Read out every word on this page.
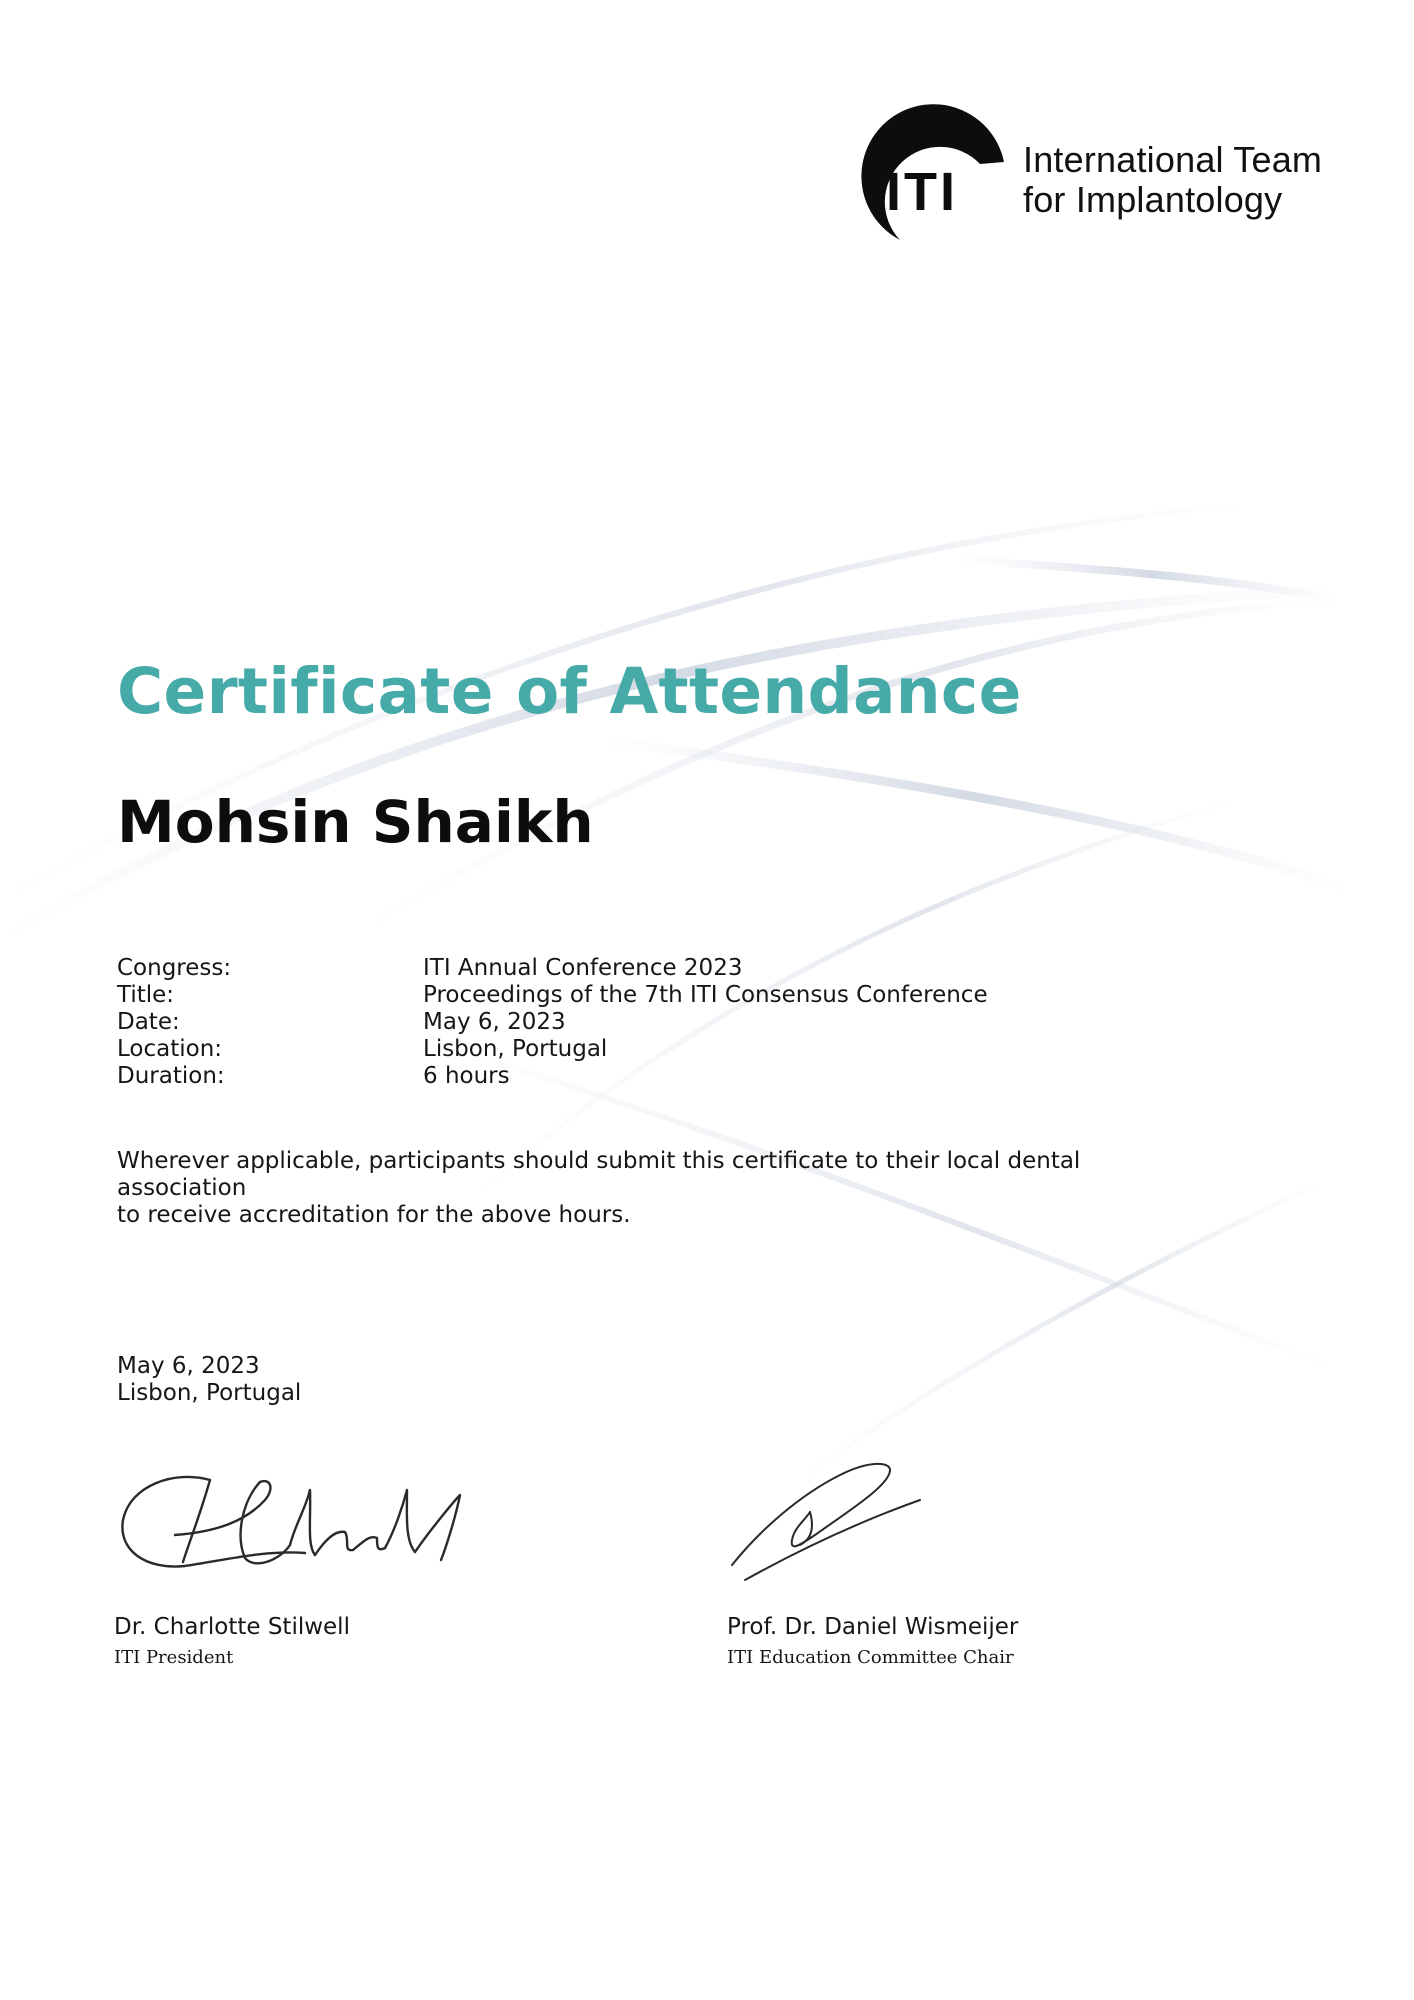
ITI
International Team
for Implantology
Certificate of Attendance
Mohsin Shaikh
Congress:	ITI Annual Conference 2023
Title:	Proceedings of the 7th ITI Consensus Conference
Date:	May 6, 2023
Location:	Lisbon, Portugal
Duration:	6 hours
Wherever applicable, participants should submit this certificate to their local dental association
to receive accreditation for the above hours.
May 6, 2023
Lisbon, Portugal
Dr. Charlotte Stilwell
ITI President
Prof. Dr. Daniel Wismeijer
ITI Education Committee Chair
